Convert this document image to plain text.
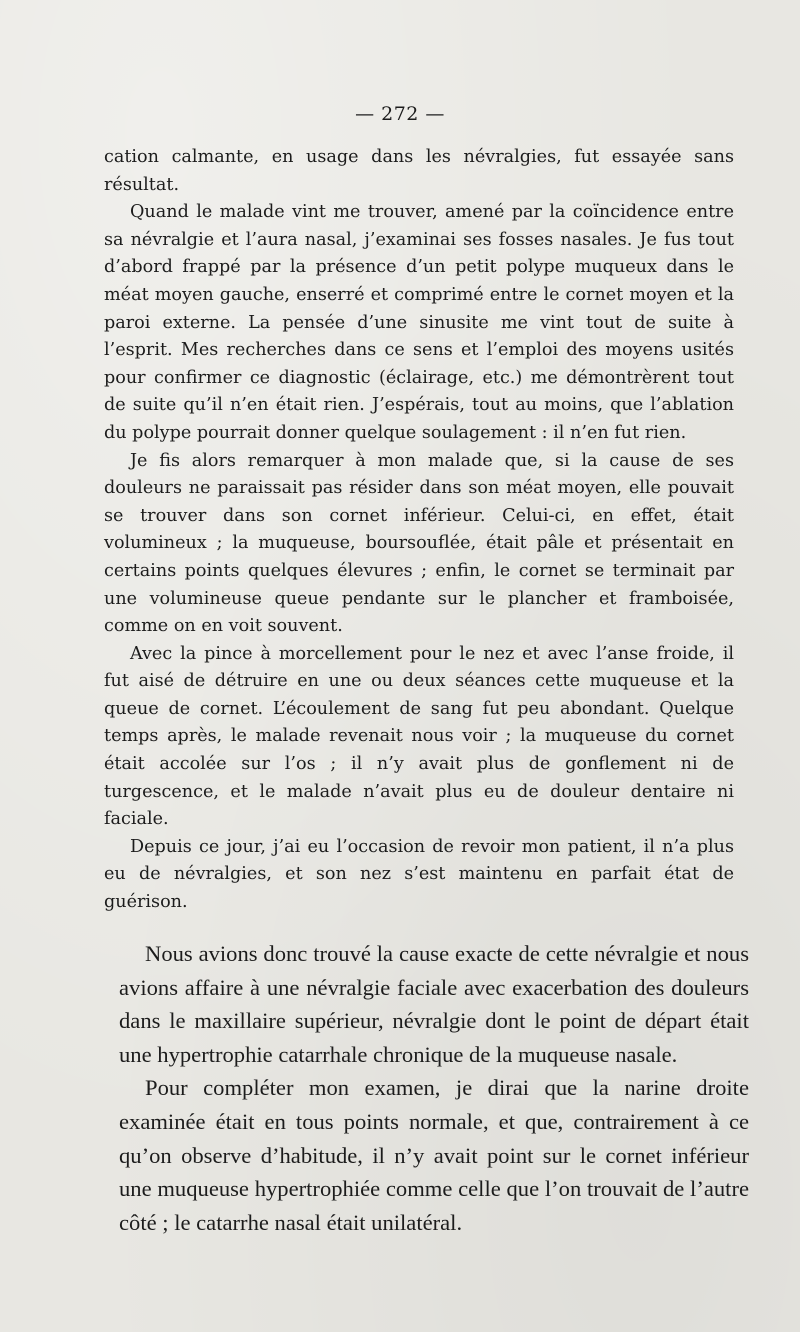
— 272 —

cation calmante, en usage dans les névralgies, fut essayée sans résultat.

Quand le malade vint me trouver, amené par la coïncidence entre sa névralgie et l’aura nasal, j’examinai ses fosses nasales. Je fus tout d’abord frappé par la présence d’un petit polype muqueux dans le méat moyen gauche, enserré et comprimé entre le cornet moyen et la paroi externe. La pensée d’une sinusite me vint tout de suite à l’esprit. Mes recherches dans ce sens et l’emploi des moyens usités pour confirmer ce diagnostic (éclairage, etc.) me démontrèrent tout de suite qu’il n’en était rien. J’espérais, tout au moins, que l’ablation du polype pourrait donner quelque soulagement : il n’en fut rien.

Je fis alors remarquer à mon malade que, si la cause de ses douleurs ne paraissait pas résider dans son méat moyen, elle pouvait se trouver dans son cornet inférieur. Celui-ci, en effet, était volumineux ; la muqueuse, boursouflée, était pâle et présentait en certains points quelques élevures ; enfin, le cornet se terminait par une volumineuse queue pendante sur le plancher et framboisée, comme on en voit souvent.

Avec la pince à morcellement pour le nez et avec l’anse froide, il fut aisé de détruire en une ou deux séances cette muqueuse et la queue de cornet. L’écoulement de sang fut peu abondant. Quelque temps après, le malade revenait nous voir ; la muqueuse du cornet était accolée sur l’os ; il n’y avait plus de gonflement ni de turgescence, et le malade n’avait plus eu de douleur dentaire ni faciale.

Depuis ce jour, j’ai eu l’occasion de revoir mon patient, il n’a plus eu de névralgies, et son nez s’est maintenu en parfait état de guérison.

Nous avions donc trouvé la cause exacte de cette névralgie et nous avions affaire à une névralgie faciale avec exacerbation des douleurs dans le maxillaire supérieur, névralgie dont le point de départ était une hypertrophie catarrhale chronique de la muqueuse nasale.

Pour compléter mon examen, je dirai que la narine droite examinée était en tous points normale, et que, contrairement à ce qu’on observe d’habitude, il n’y avait point sur le cornet inférieur une muqueuse hypertrophiée comme celle que l’on trouvait de l’autre côté ; le catarrhe nasal était unilatéral.
